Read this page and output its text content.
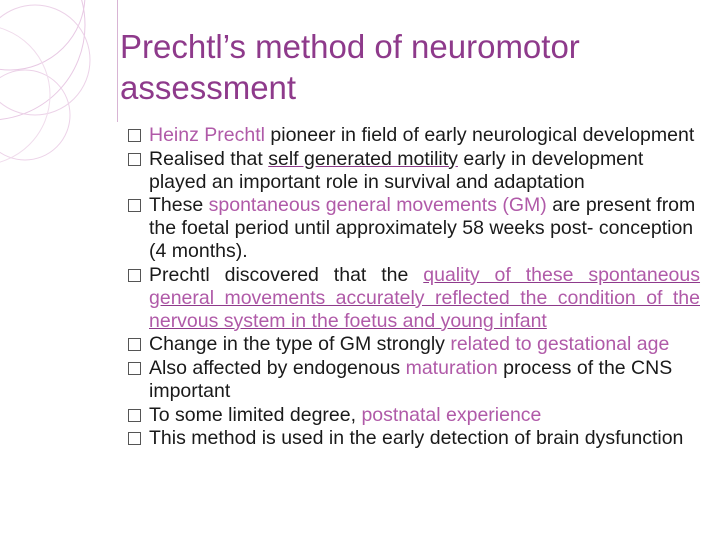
Prechtl’s method of neuromotor
assessment
Heinz Prechtl pioneer in field of early neurological development
Realised that self generated motility early in development played an important role in survival and adaptation
These spontaneous general movements (GM) are present from the foetal period until approximately 58 weeks post- conception (4 months).
Prechtl discovered that the quality of these spontaneous general movements accurately reflected the condition of the nervous system in the foetus and young infant
Change in the type of GM strongly related to gestational age
Also affected by endogenous maturation process of the CNS important
To some limited degree, postnatal experience
This method is used in the early detection of brain dysfunction
